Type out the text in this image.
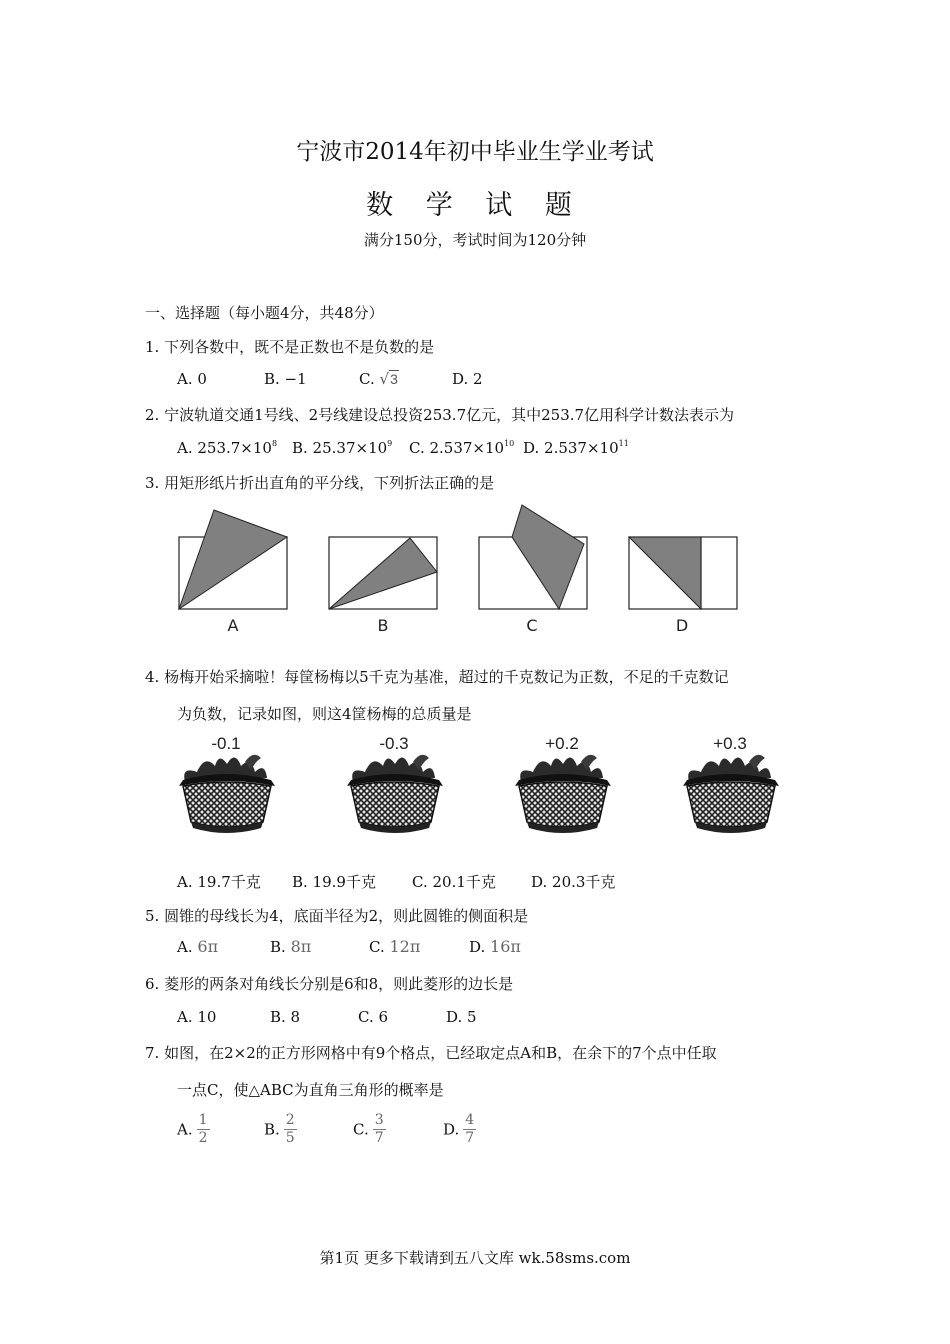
宁波市2014年初中毕业生学业考试
数 学 试 题
满分150分，考试时间为120分钟
一、选择题（每小题4分，共48分）
1. 下列各数中，既不是正数也不是负数的是
A. 0	B. −1	C. √3	D. 2
2. 宁波轨道交通1号线、2号线建设总投资253.7亿元，其中253.7亿用科学计数法表示为
A. $253.7\times 10^8$ B. $25.37\times 10^9$ C. $2.537\times 10^{10}$ D. $2.537\times 10^{11}$
3. 用矩形纸片折出直角的平分线，下列折法正确的是
A	B	C	D
4. 杨梅开始采摘啦！每筐杨梅以5千克为基准，超过的千克数记为正数，不足的千克数记
为负数，记录如图，则这4筐杨梅的总质量是
-0.1	-0.3	+0.2	+0.3
A. 19.7千克 B. 19.9千克 C. 20.1千克 D. 20.3千克
5. 圆锥的母线长为4，底面半径为2，则此圆锥的侧面积是
A. 6π	B. 8π	C. 12π	D. 16π
6. 菱形的两条对角线长分别是6和8，则此菱形的边长是
A. 10	B. 8	C. 6	D. 5
7. 如图，在2×2的正方形网格中有9个格点，已经取定点A和B，在余下的7个点中任取
一点C，使△ABC为直角三角形的概率是
A. $\frac{1}{2}$	B. $\frac{2}{5}$	C. $\frac{3}{7}$	D. $\frac{4}{7}$
第1页 更多下载请到五八文库 wk.58sms.com
